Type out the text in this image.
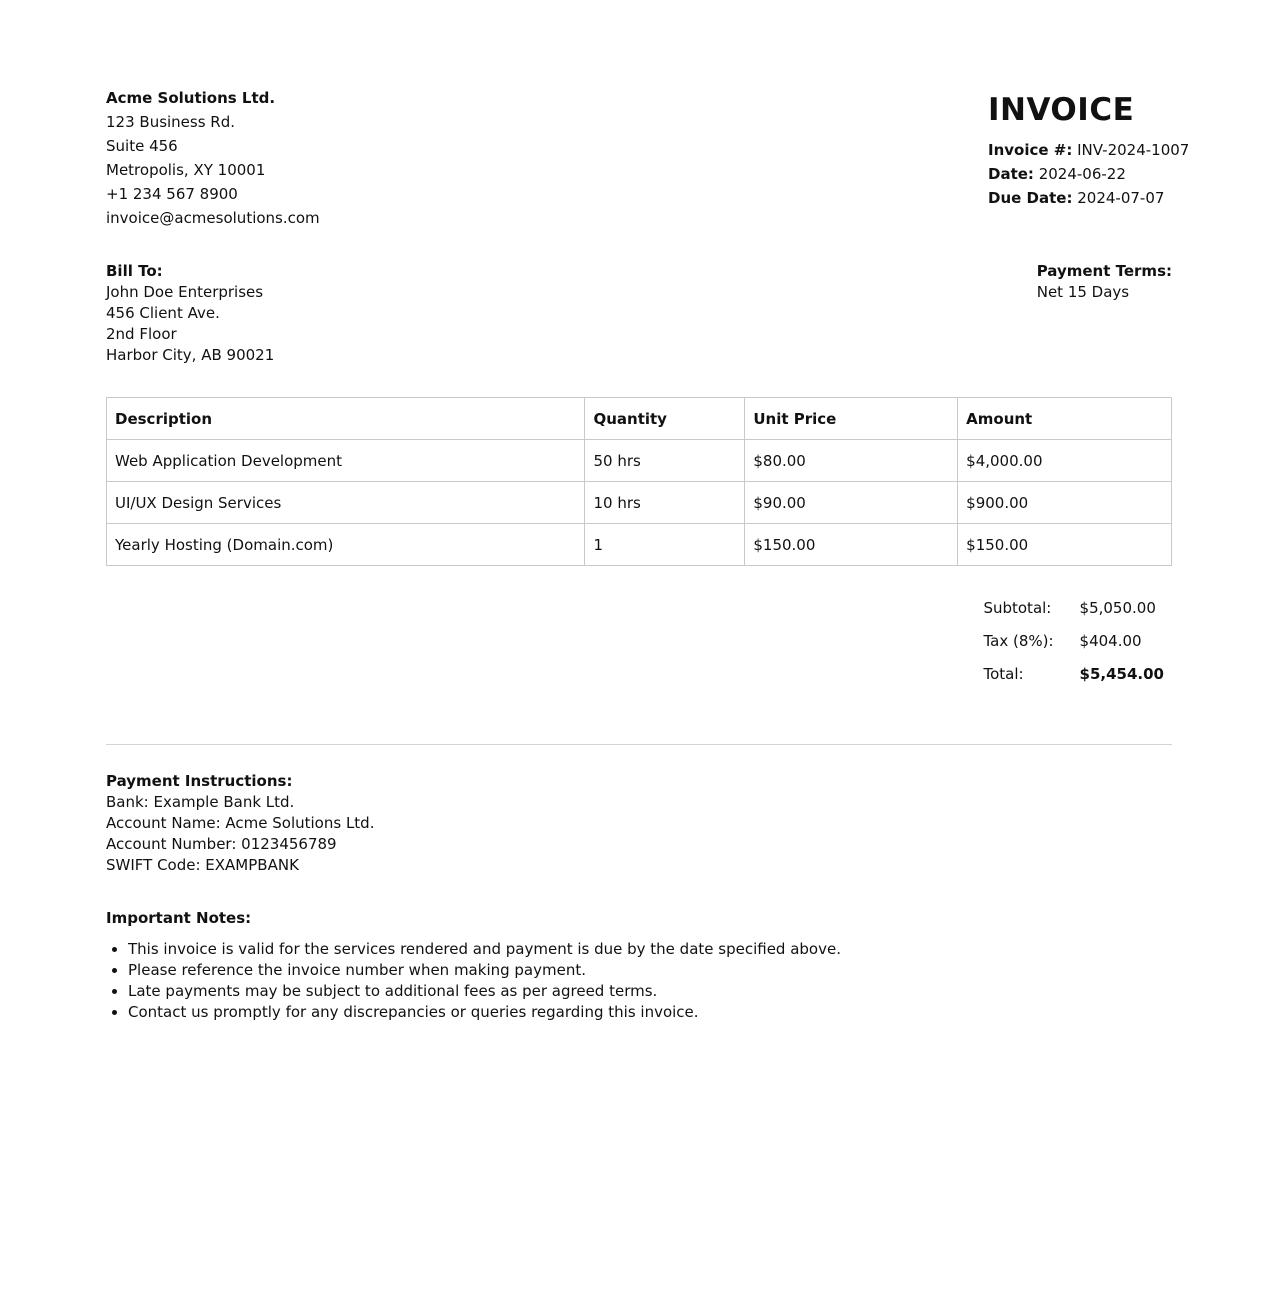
Acme Solutions Ltd.
123 Business Rd.
Suite 456
Metropolis, XY 10001
+1 234 567 8900
invoice@acmesolutions.com
INVOICE
Invoice #: INV-2024-1007
Date: 2024-06-22
Due Date: 2024-07-07
Bill To:
John Doe Enterprises
456 Client Ave.
2nd Floor
Harbor City, AB 90021
Payment Terms:
Net 15 Days
Description	Quantity	Unit Price	Amount
Web Application Development	50 hrs	$80.00	$4,000.00
UI/UX Design Services	10 hrs	$90.00	$900.00
Yearly Hosting (Domain.com)	1	$150.00	$150.00
Subtotal:	$5,050.00
Tax (8%):	$404.00
Total:	$5,454.00
Payment Instructions:
Bank: Example Bank Ltd.
Account Name: Acme Solutions Ltd.
Account Number: 0123456789
SWIFT Code: EXAMPBANK
Important Notes:
• This invoice is valid for the services rendered and payment is due by the date specified above.
• Please reference the invoice number when making payment.
• Late payments may be subject to additional fees as per agreed terms.
• Contact us promptly for any discrepancies or queries regarding this invoice.
